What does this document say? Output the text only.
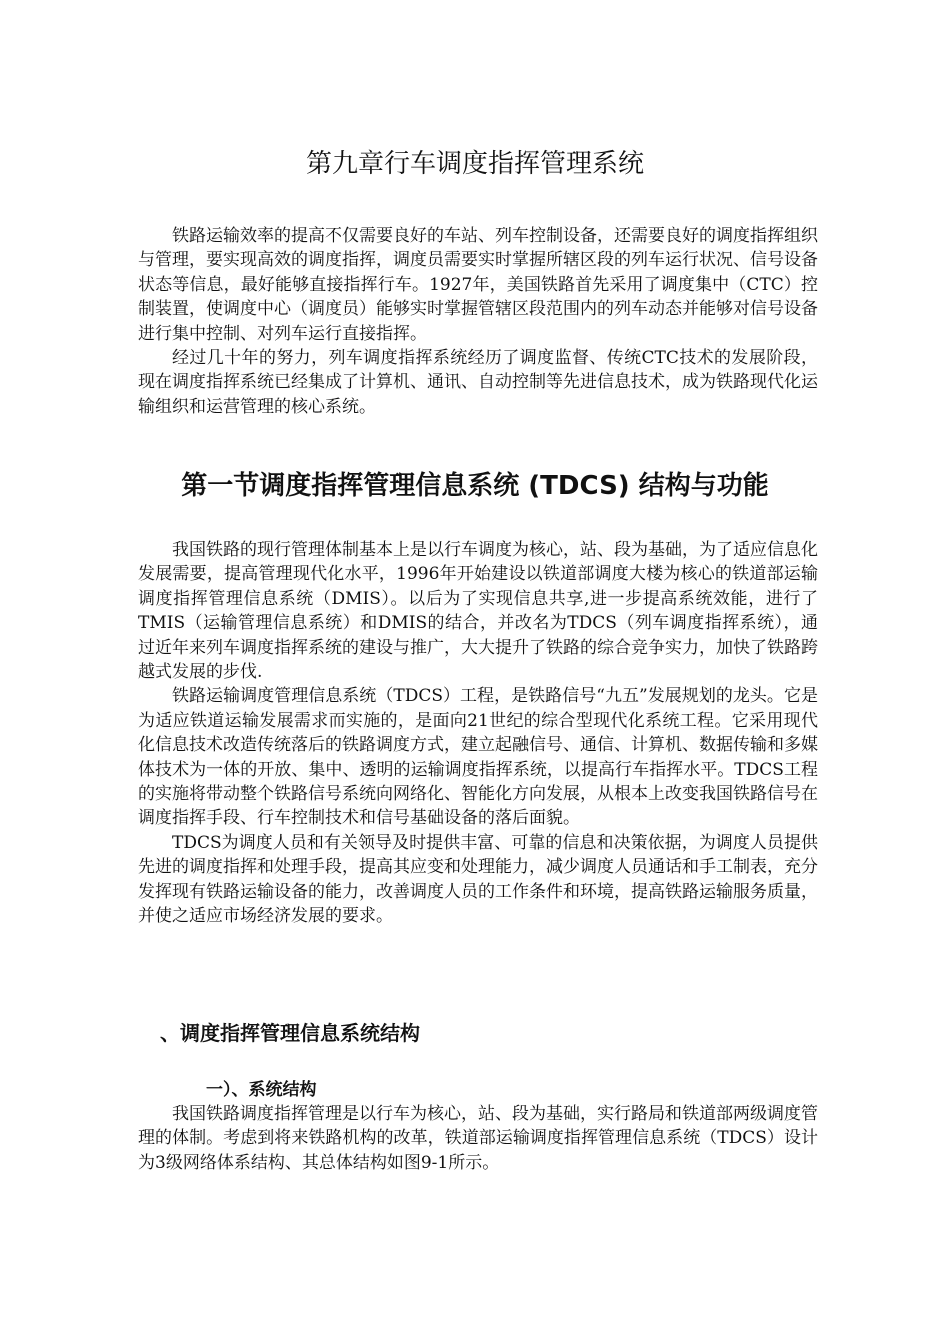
第九章行车调度指挥管理系统

铁路运输效率的提高不仅需要良好的车站、列车控制设备，还需要良好的调度指挥组织与管理，要实现高效的调度指挥，调度员需要实时掌握所辖区段的列车运行状况、信号设备状态等信息，最好能够直接指挥行车。1927年，美国铁路首先采用了调度集中（CTC）控制装置，使调度中心（调度员）能够实时掌握管辖区段范围内的列车动态并能够对信号设备进行集中控制、对列车运行直接指挥。

经过几十年的努力，列车调度指挥系统经历了调度监督、传统CTC技术的发展阶段，现在调度指挥系统已经集成了计算机、通讯、自动控制等先进信息技术，成为铁路现代化运输组织和运营管理的核心系统。

第一节调度指挥管理信息系统 (TDCS) 结构与功能

我国铁路的现行管理体制基本上是以行车调度为核心，站、段为基础，为了适应信息化发展需要，提高管理现代化水平，1996年开始建设以铁道部调度大楼为核心的铁道部运输调度指挥管理信息系统（DMIS）。以后为了实现信息共享,进一步提高系统效能，进行了TMIS（运输管理信息系统）和DMIS的结合，并改名为TDCS（列车调度指挥系统），通过近年来列车调度指挥系统的建设与推广，大大提升了铁路的综合竞争实力，加快了铁路跨越式发展的步伐.

铁路运输调度管理信息系统（TDCS）工程，是铁路信号“九五”发展规划的龙头。它是为适应铁道运输发展需求而实施的，是面向21世纪的综合型现代化系统工程。它采用现代化信息技术改造传统落后的铁路调度方式，建立起融信号、通信、计算机、数据传输和多媒体技术为一体的开放、集中、透明的运输调度指挥系统，以提高行车指挥水平。TDCS工程的实施将带动整个铁路信号系统向网络化、智能化方向发展，从根本上改变我国铁路信号在调度指挥手段、行车控制技术和信号基础设备的落后面貌。

TDCS为调度人员和有关领导及时提供丰富、可靠的信息和决策依据，为调度人员提供先进的调度指挥和处理手段，提高其应变和处理能力，减少调度人员通话和手工制表，充分发挥现有铁路运输设备的能力，改善调度人员的工作条件和环境，提高铁路运输服务质量，并使之适应市场经济发展的要求。

、调度指挥管理信息系统结构
一）、系统结构

我国铁路调度指挥管理是以行车为核心，站、段为基础，实行路局和铁道部两级调度管理的体制。考虑到将来铁路机构的改革，铁道部运输调度指挥管理信息系统（TDCS）设计为3级网络体系结构、其总体结构如图9-1所示。
